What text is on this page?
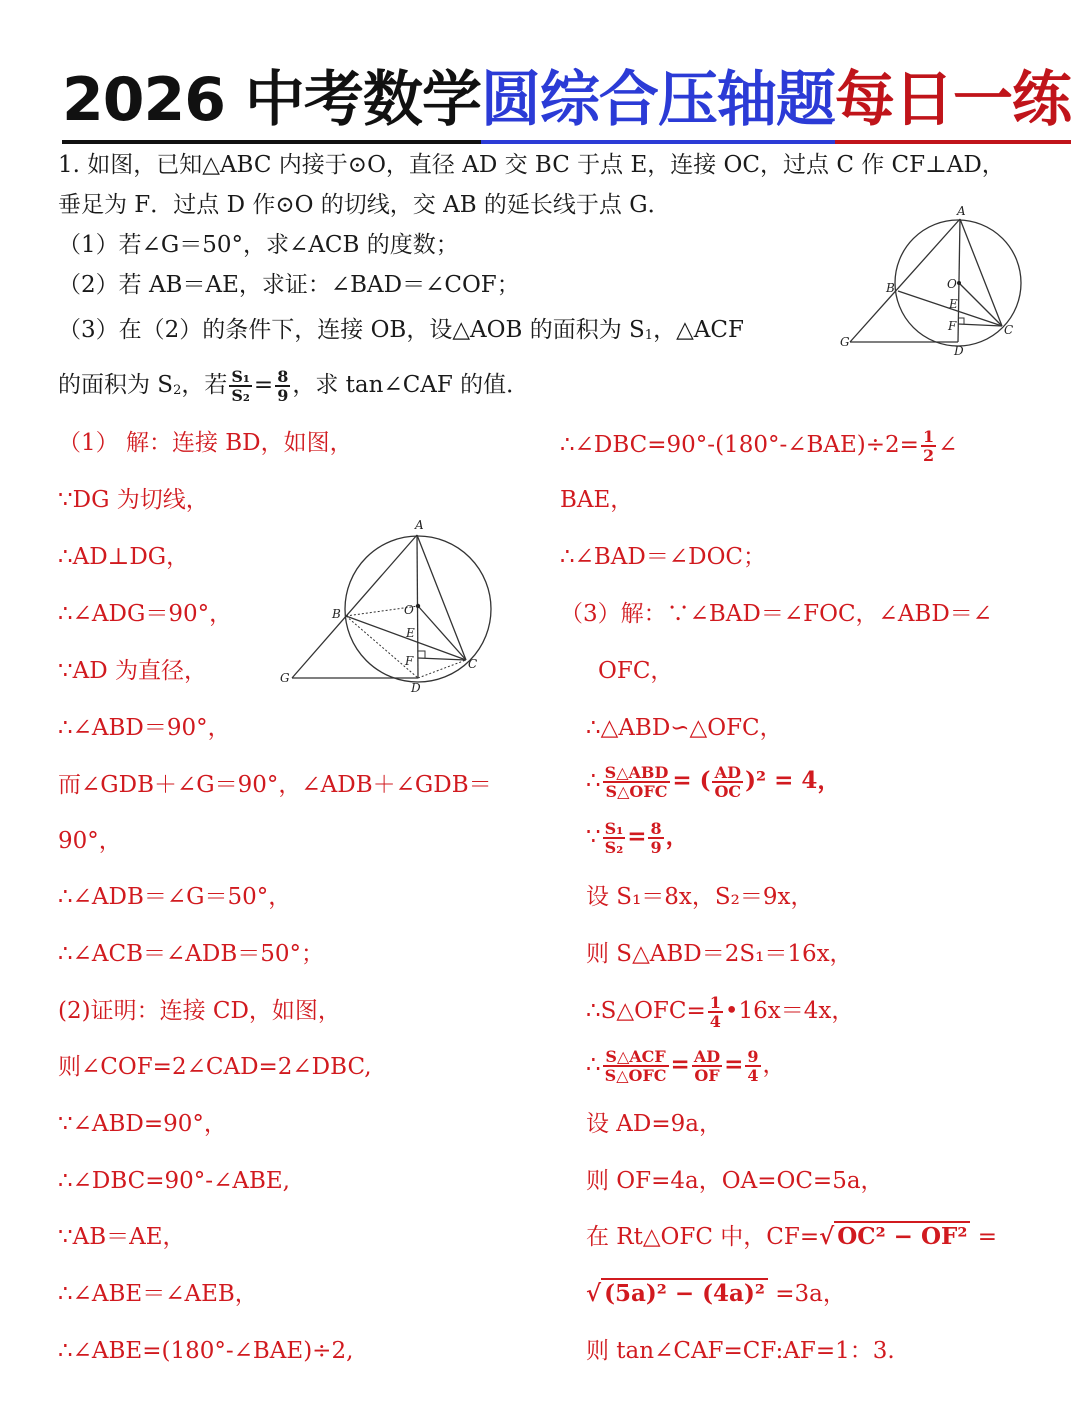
2026 中考数学圆综合压轴题每日一练
1. 如图，已知△ABC 内接于⊙O，直径 AD 交 BC 于点 E，连接 OC，过点 C 作 CF⊥AD，
垂足为 F．过点 D 作⊙O 的切线，交 AB 的延长线于点 G．
（1）若∠G＝50°，求∠ACB 的度数；
（2）若 AB＝AE，求证：∠BAD＝∠COF；
（3）在（2）的条件下，连接 OB，设△AOB 的面积为 S1，△ACF
的面积为 S2，若 $\frac{\text{S₁}}{\text{S₂}} = \frac{8}{9}$ ，求 tan∠CAF 的值．
A
B	O
E
F	C
D
G
（1） 解：连接 BD，如图，
∵DG 为切线，
∴AD⊥DG，
∴∠ADG＝90°，
∵AD 为直径，
∴∠ABD＝90°，
而∠GDB＋∠G＝90°，∠ADB＋∠GDB＝
90°，
∴∠ADB＝∠G＝50°，
∴∠ACB＝∠ADB＝50°；
(2)证明：连接 CD，如图，
则∠COF=2∠CAD=2∠DBC,
∵∠ABD=90°，
∴∠DBC=90°-∠ABE,
∵AB＝AE，
∴∠ABE＝∠AEB，
∴∠ABE=(180°-∠BAE)÷2,
A
B	O
E
F	C
D
G
∴∠DBC=90°-(180°-∠BAE)÷2= $\frac{1}{2}$ ∠
BAE，
∴∠BAD＝∠DOC；
（3）解：∵∠BAD＝∠FOC，∠ABD＝∠
OFC，
∴△ABD∽△OFC，
∴ $\frac{\text{S△ABD}}{\text{S△OFC}}$ = ( $\frac{AD}{OC} )^2 = 4$，
∵ $\frac{\text{S₁}}{\text{S₂}} = \frac{8}{9}$ ，
设 S₁＝8x，S₂＝9x，
则 S△ABD＝2S₁＝16x，
∴S△OFC= $\frac{1}{4}$ •16x＝4x，
∴ $\frac{\text{S△ACF}}{\text{S△OFC}} = \frac{AD}{OF} = \frac{9}{4}$ ，
设 AD=9a，
则 OF=4a，OA=OC=5a，
在 Rt△OFC 中，CF=√ OC² − OF² =
√ (5a)² − (4a)² =3a，
则 tan∠CAF=CF:AF=1：3.
